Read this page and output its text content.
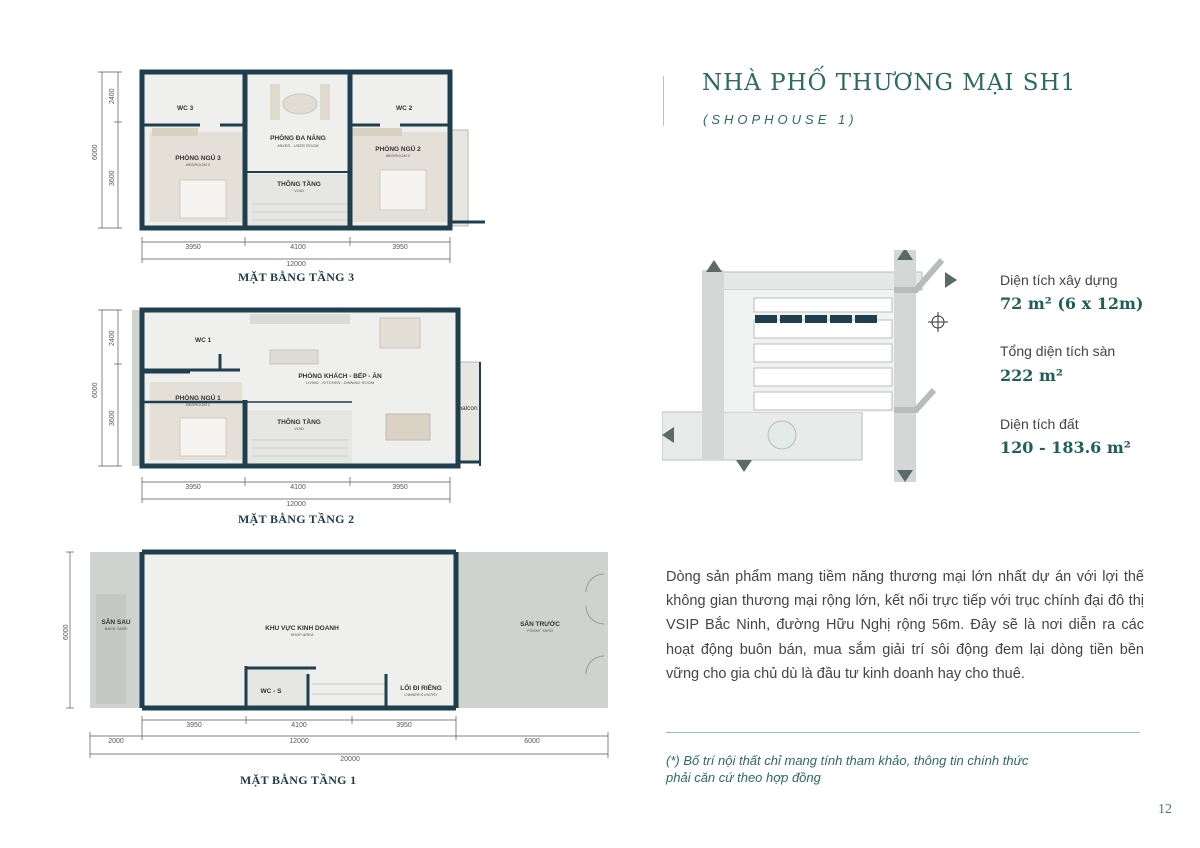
2400
6000
3600
WC 3	WC 2
PHÒNG ĐA NĂNG
MIXED - USER ROOM
PHÒNG NGỦ 3
BEDROOM 3
PHÒNG NGỦ 2
BEDROOM 2
THÔNG TẦNG
VOID
3950	4100	3950
12000
MẶT BẰNG TẦNG 3
2400
6000
3600
WC 1
PHÒNG KHÁCH - BẾP - ĂN
LIVING - KITCHEN - DINNING ROOM
PHÒNG NGỦ 1
BEDROOM 1
THÔNG TẦNG
VOID
balcon
3950	4100	3950
12000
MẶT BẰNG TẦNG 2
6000
SÂN SAU
BACK YARD	KHU VỰC KINH DOANH
SHOP AREA
SÂN TRƯỚC
FRONT YARD
WC - S	LỐI ĐI RIÊNG
OWNER'S ENTRY
3950	4100	3950
2000	12000	6000
20000
MẶT BẰNG TẦNG 1
NHÀ PHỐ THƯƠNG MẠI SH1
(SHOPHOUSE 1)
Diện tích xây dựng
72 m² (6 x 12m)
Tổng diện tích sàn
222 m²
Diện tích đất
120 - 183.6 m²
Dòng sản phẩm mang tiềm năng thương mại lớn nhất dự án với lợi thế không gian thương mại rộng lớn, kết nối trực tiếp với trục chính đại đô thị VSIP Bắc Ninh, đường Hữu Nghị rộng 56m. Đây sẽ là nơi diễn ra các hoạt động buôn bán, mua sắm giải trí sôi động đem lại dòng tiền bền vững cho gia chủ dù là đầu tư kinh doanh hay cho thuê.
(*) Bố trí nội thất chỉ mang tính tham khảo, thông tin chính thức phải căn cứ theo hợp đồng
12
